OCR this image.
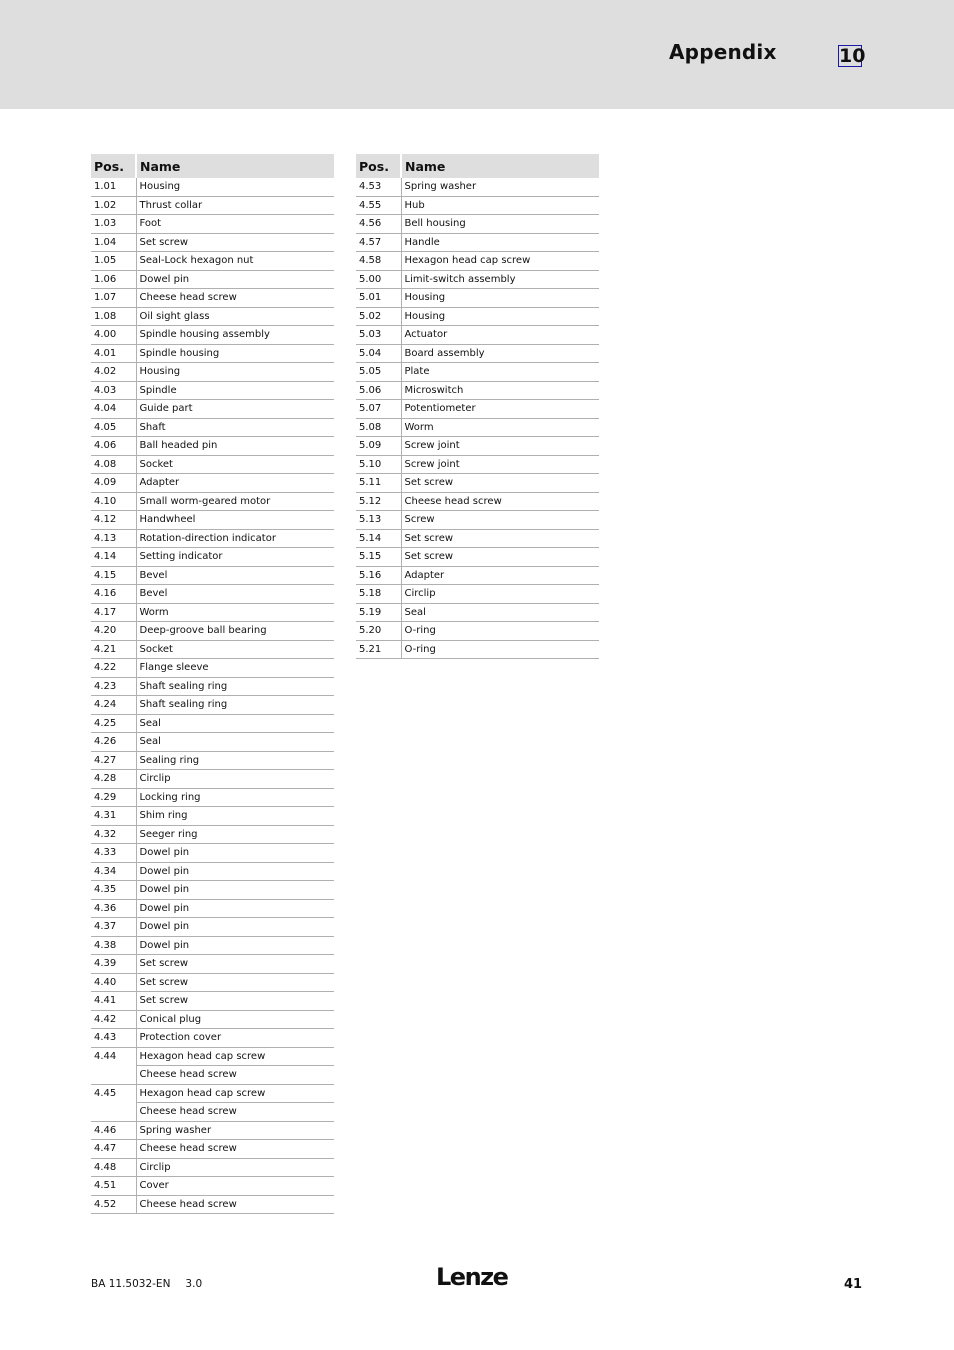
Appendix	10
Pos.	Name
1.01	Housing
1.02	Thrust collar
1.03	Foot
1.04	Set screw
1.05	Seal-Lock hexagon nut
1.06	Dowel pin
1.07	Cheese head screw
1.08	Oil sight glass
4.00	Spindle housing assembly
4.01	Spindle housing
4.02	Housing
4.03	Spindle
4.04	Guide part
4.05	Shaft
4.06	Ball headed pin
4.08	Socket
4.09	Adapter
4.10	Small worm-geared motor
4.12	Handwheel
4.13	Rotation-direction indicator
4.14	Setting indicator
4.15	Bevel
4.16	Bevel
4.17	Worm
4.20	Deep-groove ball bearing
4.21	Socket
4.22	Flange sleeve
4.23	Shaft sealing ring
4.24	Shaft sealing ring
4.25	Seal
4.26	Seal
4.27	Sealing ring
4.28	Circlip
4.29	Locking ring
4.31	Shim ring
4.32	Seeger ring
4.33	Dowel pin
4.34	Dowel pin
4.35	Dowel pin
4.36	Dowel pin
4.37	Dowel pin
4.38	Dowel pin
4.39	Set screw
4.40	Set screw
4.41	Set screw
4.42	Conical plug
4.43	Protection cover
4.44	Hexagon head cap screw
	Cheese head screw
4.45	Hexagon head cap screw
	Cheese head screw
4.46	Spring washer
4.47	Cheese head screw
4.48	Circlip
4.51	Cover
4.52	Cheese head screw
Pos.	Name
4.53	Spring washer
4.55	Hub
4.56	Bell housing
4.57	Handle
4.58	Hexagon head cap screw
5.00	Limit-switch assembly
5.01	Housing
5.02	Housing
5.03	Actuator
5.04	Board assembly
5.05	Plate
5.06	Microswitch
5.07	Potentiometer
5.08	Worm
5.09	Screw joint
5.10	Screw joint
5.11	Set screw
5.12	Cheese head screw
5.13	Screw
5.14	Set screw
5.15	Set screw
5.16	Adapter
5.18	Circlip
5.19	Seal
5.20	O-ring
5.21	O-ring
BA 11.5032-EN 3.0	Lenze	41
